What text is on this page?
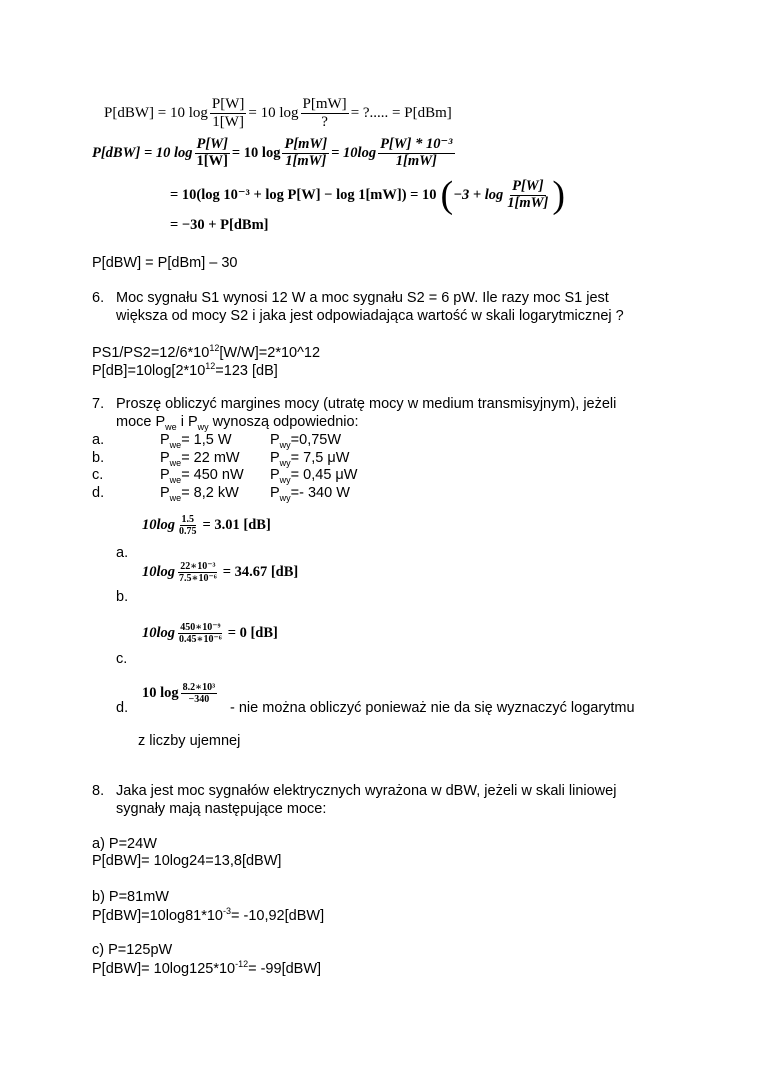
P[dBW] = 10 $\log \frac{P[W]}{1[W]} = 10$ $\log \frac{P[mW]}{?}$ = ?..... = P[dBm]
P[dBW] = 10 $\log \frac{P[W]}{1[W]} = 10$ $\log \frac{P[mW]}{1[mW]} = 10\log \frac{\text{P[W] * 10⁻³}}{1[mW]}$
= 10(log 10⁻³ + log P[W] − log 1[mW]) = 10 ( $-3 + \log \frac{P[W]}{1[mW]}$ )
= −30 + P[dBm]
P[dBW] = P[dBm] – 30
6. Moc sygnału S1 wynosi 12 W a moc sygnału S2 = 6 pW. Ile razy moc S1 jest
większa od mocy S2 i jaka jest odpowiadająca wartość w skali logarytmicznej ?
$PS1/PS2=12/6*10^{12}[W/W]=2*10\^{}12$
$P[dB]=10\log[2*10^{12}=123$ [dB]
7. Proszę obliczyć margines mocy (utratę mocy w medium transmisyjnym), jeżeli
moce $P_{we}$ i $P_{wy}$ wynoszą odpowiednio:
a.	$P_{we}= 1,5$ W	$P_{wy}=0,75W$
b.	$P_{we}= 22$ mW $P_{wy}= 7,5$ μW
c.	$P_{we}= 450$ nW $P_{wy}= 0,45$ μW
d.	$P_{we}= 8,2$ kW $P_{wy}=-$ 340 W
$10\log \frac{1.5}{0.75} = 3.01$ [dB]
a.
$10\log \frac{\text{22∗10⁻³}}{\text{7.5∗10⁻⁶}} = 34.67$ [dB]
b.
$10\log \frac{\text{450∗10⁻⁹}}{\text{0.45∗10⁻⁶}} = 0$ [dB]
c.
10 $\log \frac{\text{8.2∗10³}}{-340}$
d.	- nie można obliczyć ponieważ nie da się wyznaczyć logarytmu
z liczby ujemnej
8. Jaka jest moc sygnałów elektrycznych wyrażona w dBW, jeżeli w skali liniowej
sygnały mają następujące moce:
a) P=24W
P[dBW]= 10log24=13,8[dBW]
b) P=81mW
$P[dBW]=10\log 81*10^{-3}= -10,92[dBW]$
c) P=125pW
$P[dBW]= 10\log 125*10^{-12}= -99[dBW]$
